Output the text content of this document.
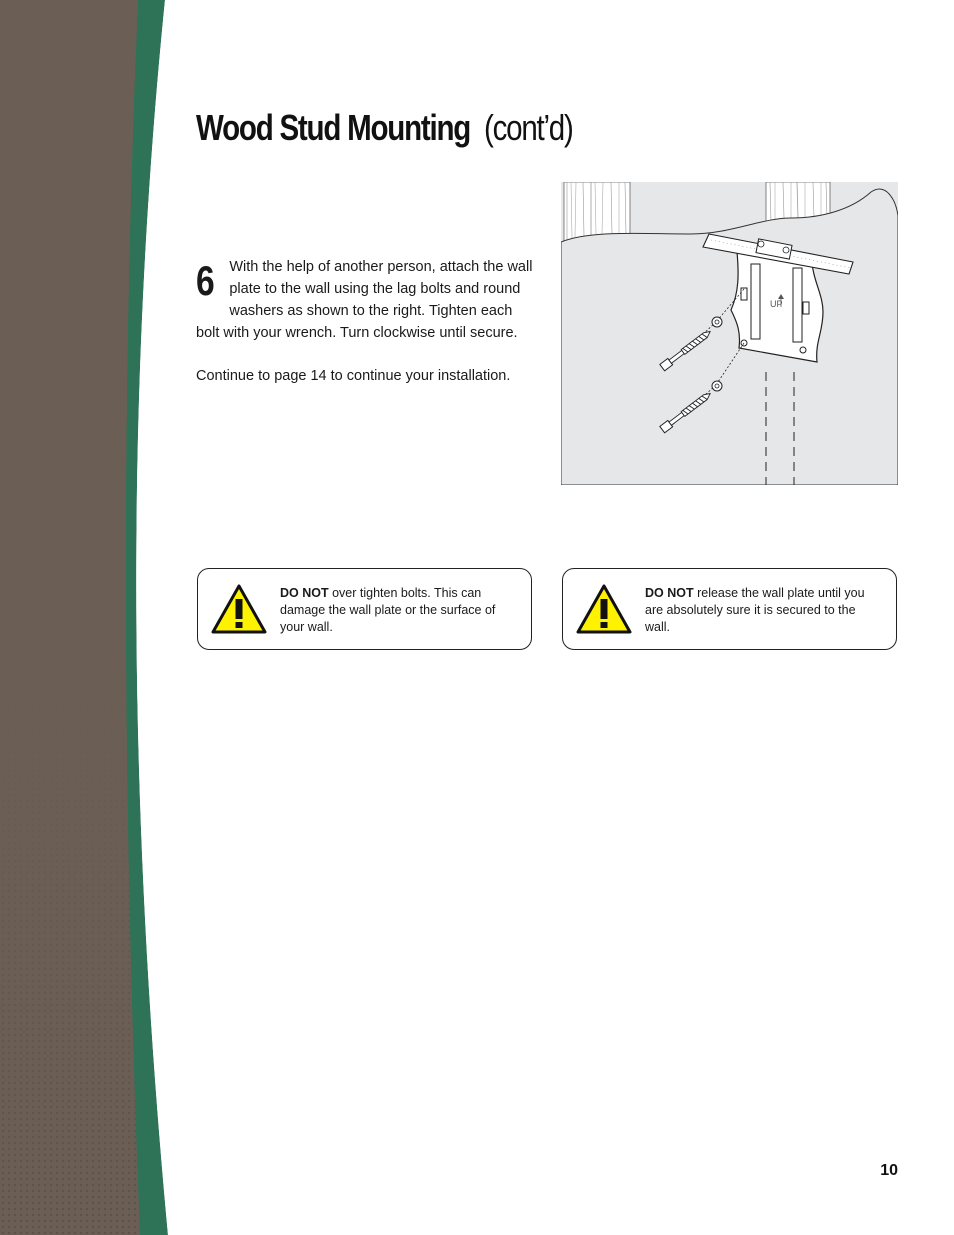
Wood Stud Mounting (cont’d)
6	With the help of another person, attach the wall plate to the wall using the lag bolts and round washers as shown to the right. Tighten each bolt with your wrench. Turn clockwise until secure.

Continue to page 14 to continue your installation.

UP
DO NOT over tighten bolts. This can damage the wall plate or the surface of your wall.
DO NOT release the wall plate until you are absolutely sure it is secured to the wall.
10
